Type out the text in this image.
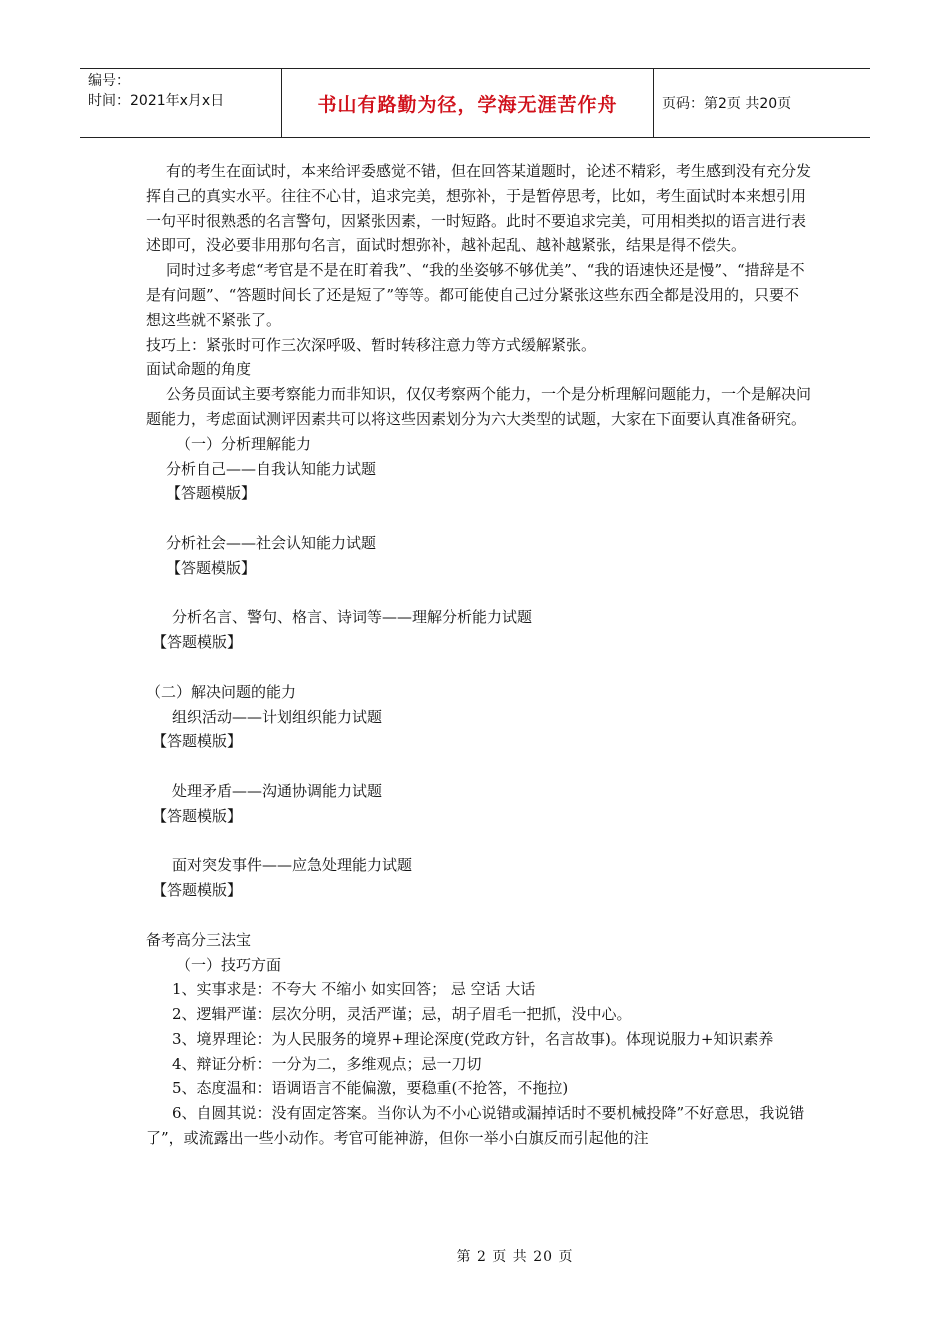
编号：
时间：2021年x月x日	书山有路勤为径，学海无涯苦作舟	页码：第2页 共20页

有的考生在面试时，本来给评委感觉不错，但在回答某道题时，论述不精彩，考生感到没有充分发挥自己的真实水平。往往不心甘，追求完美，想弥补，于是暂停思考，比如，考生面试时本来想引用一句平时很熟悉的名言警句，因紧张因素，一时短路。此时不要追求完美，可用相类拟的语言进行表述即可，没必要非用那句名言，面试时想弥补，越补起乱、越补越紧张，结果是得不偿失。

同时过多考虑“考官是不是在盯着我”、“我的坐姿够不够优美”、“我的语速快还是慢”、“措辞是不是有问题”、“答题时间长了还是短了”等等。都可能使自己过分紧张这些东西全都是没用的，只要不想这些就不紧张了。

技巧上：紧张时可作三次深呼吸、暂时转移注意力等方式缓解紧张。

面试命题的角度

公务员面试主要考察能力而非知识，仅仅考察两个能力，一个是分析理解问题能力，一个是解决问题能力，考虑面试测评因素共可以将这些因素划分为六大类型的试题，大家在下面要认真准备研究。

（一）分析理解能力

分析自己——自我认知能力试题

【答题模版】

分析社会——社会认知能力试题

【答题模版】

分析名言、警句、格言、诗词等——理解分析能力试题

【答题模版】

（二）解决问题的能力

组织活动——计划组织能力试题

【答题模版】

处理矛盾——沟通协调能力试题

【答题模版】

面对突发事件——应急处理能力试题

【答题模版】

备考高分三法宝

（一）技巧方面

1、实事求是：不夸大 不缩小 如实回答； 忌 空话 大话

2、逻辑严谨：层次分明，灵活严谨；忌，胡子眉毛一把抓，没中心。

3、境界理论：为人民服务的境界+理论深度(党政方针，名言故事)。体现说服力+知识素养

4、辩证分析：一分为二，多维观点；忌一刀切

5、态度温和：语调语言不能偏激，要稳重(不抢答，不拖拉)

6、自圆其说：没有固定答案。当你认为不小心说错或漏掉话时不要机械投降”不好意思，我说错了”，或流露出一些小动作。考官可能神游，但你一举小白旗反而引起他的注

第 2 页 共 20 页
